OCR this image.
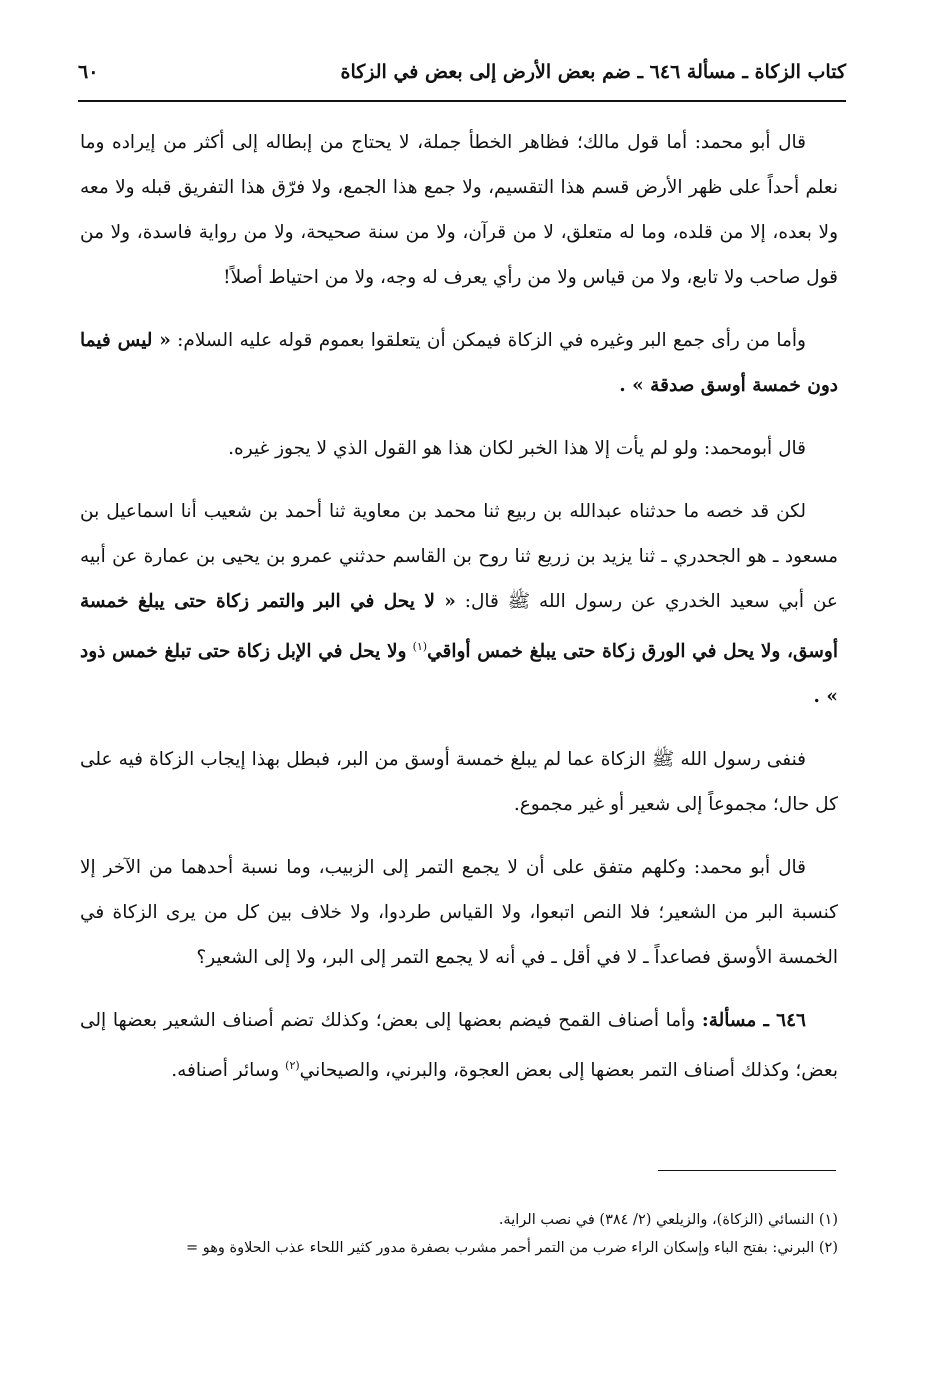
كتاب الزكاة ـ مسألة ٦٤٦ ـ ضم بعض الأرض إلى بعض في الزكاة
٦٠

قال أبو محمد: أما قول مالك؛ فظاهر الخطأ جملة، لا يحتاج من إبطاله إلى أكثر من إيراده وما نعلم أحداً على ظهر الأرض قسم هذا التقسيم، ولا جمع هذا الجمع، ولا فرّق هذا التفريق قبله ولا معه ولا بعده، إلا من قلده، وما له متعلق، لا من قرآن، ولا من سنة صحيحة، ولا من رواية فاسدة، ولا من قول صاحب ولا تابع، ولا من قياس ولا من رأي يعرف له وجه، ولا من احتياط أصلاً!

وأما من رأى جمع البر وغيره في الزكاة فيمكن أن يتعلقوا بعموم قوله عليه السلام: « ليس فيما دون خمسة أوسق صدقة » .

قال أبومحمد: ولو لم يأت إلا هذا الخبر لكان هذا هو القول الذي لا يجوز غيره.

لكن قد خصه ما حدثناه عبدالله بن ربيع ثنا محمد بن معاوية ثنا أحمد بن شعيب أنا اسماعيل بن مسعود ـ هو الجحدري ـ ثنا يزيد بن زريع ثنا روح بن القاسم حدثني عمرو بن يحيى بن عمارة عن أبيه عن أبي سعيد الخدري عن رسول الله ﷺ قال: « لا يحل في البر والتمر زكاة حتى يبلغ خمسة أوسق، ولا يحل في الورق زكاة حتى يبلغ خمس أواقي$^{(١)}$ ولا يحل في الإبل زكاة حتى تبلغ خمس ذود » .

فنفى رسول الله ﷺ الزكاة عما لم يبلغ خمسة أوسق من البر، فبطل بهذا إيجاب الزكاة فيه على كل حال؛ مجموعاً إلى شعير أو غير مجموع.

قال أبو محمد: وكلهم متفق على أن لا يجمع التمر إلى الزبيب، وما نسبة أحدهما من الآخر إلا كنسبة البر من الشعير؛ فلا النص اتبعوا، ولا القياس طردوا، ولا خلاف بين كل من يرى الزكاة في الخمسة الأوسق فصاعداً ـ لا في أقل ـ في أنه لا يجمع التمر إلى البر، ولا إلى الشعير؟

٦٤٦ ـ مسألة: وأما أصناف القمح فيضم بعضها إلى بعض؛ وكذلك تضم أصناف الشعير بعضها إلى بعض؛ وكذلك أصناف التمر بعضها إلى بعض العجوة، والبرني، والصيحاني$^{(٢)}$ وسائر أصنافه.

(١) النسائي (الزكاة)، والزيلعي (٢/ ٣٨٤) في نصب الراية.

(٢) البرني: بفتح الباء وإسكان الراء ضرب من التمر أحمر مشرب بصفرة مدور كثير اللحاء عذب الحلاوة وهو =
